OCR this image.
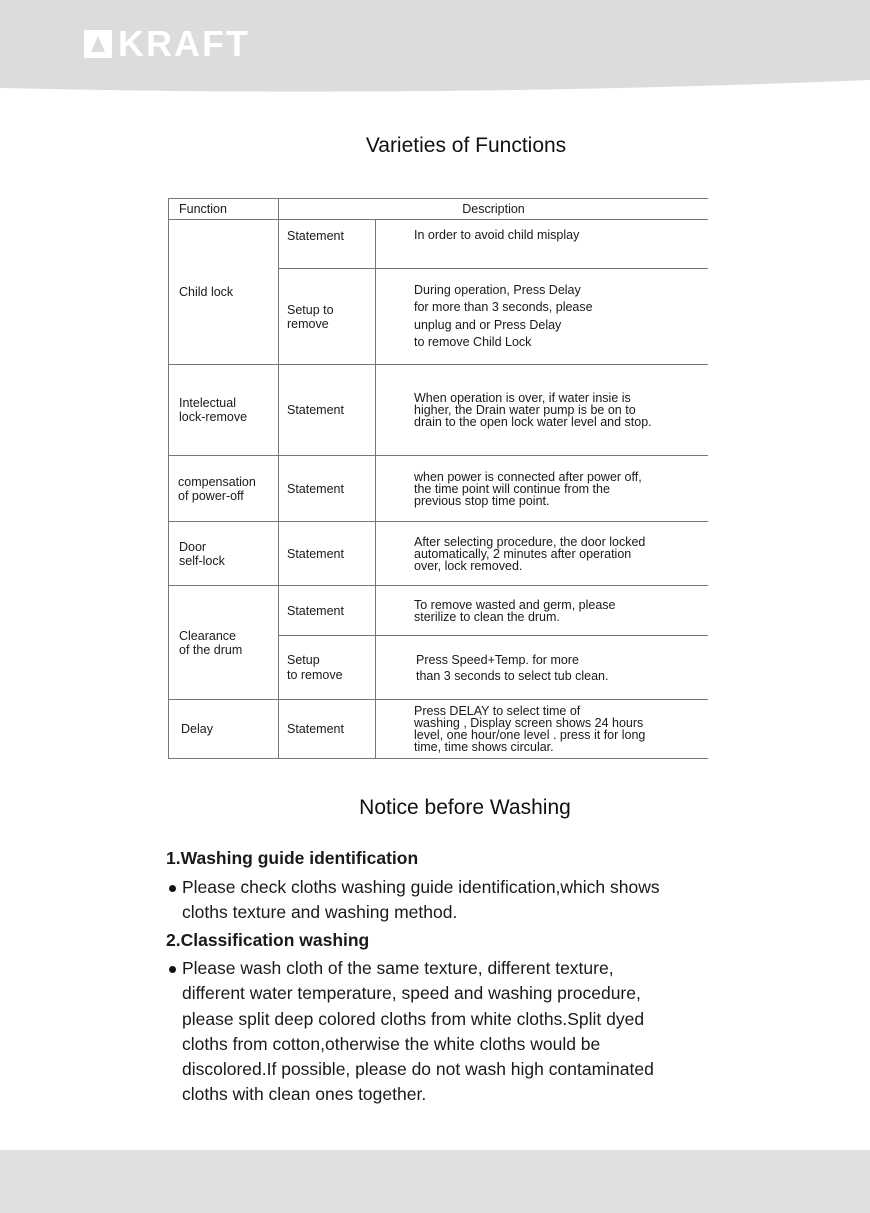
KRAFT
Varieties of Functions
Function	Description	
Child lock	Statement	In order to avoid child misplay

	Setup to
remove	During operation, Press Delay
for more than 3 seconds, please
unplug and or Press Delay
to remove Child Lock

Intelectual
lock-remove	Statement	When operation is over, if water insie is
higher, the Drain water pump is be on to
drain to the open lock water level and stop.

compensation
of power-off	Statement	when power is connected after power off,
the time point will continue from the
previous stop time point.

Door
self-lock	Statement	After selecting procedure, the door locked
automatically, 2 minutes after operation
over, lock removed.

Clearance
of the drum	Statement	To remove wasted and germ, please
sterilize to clean the drum.

	Setup
to remove	Press Speed+Temp. for more
than 3 seconds to select tub clean.

Delay	Statement	Press DELAY to select time of
washing , Display screen shows 24 hours
level, one hour/one level . press it for long
time, time shows circular.
Notice before Washing
1.Washing guide identification
Please check cloths washing guide identification,which shows
cloths texture and washing method.
2.Classification washing
Please wash cloth of the same texture, different texture,
different water temperature, speed and washing procedure,
please split deep colored cloths from white cloths.Split dyed
cloths from cotton,otherwise the white cloths would be
discolored.If possible, please do not wash high contaminated
cloths with clean ones together.
